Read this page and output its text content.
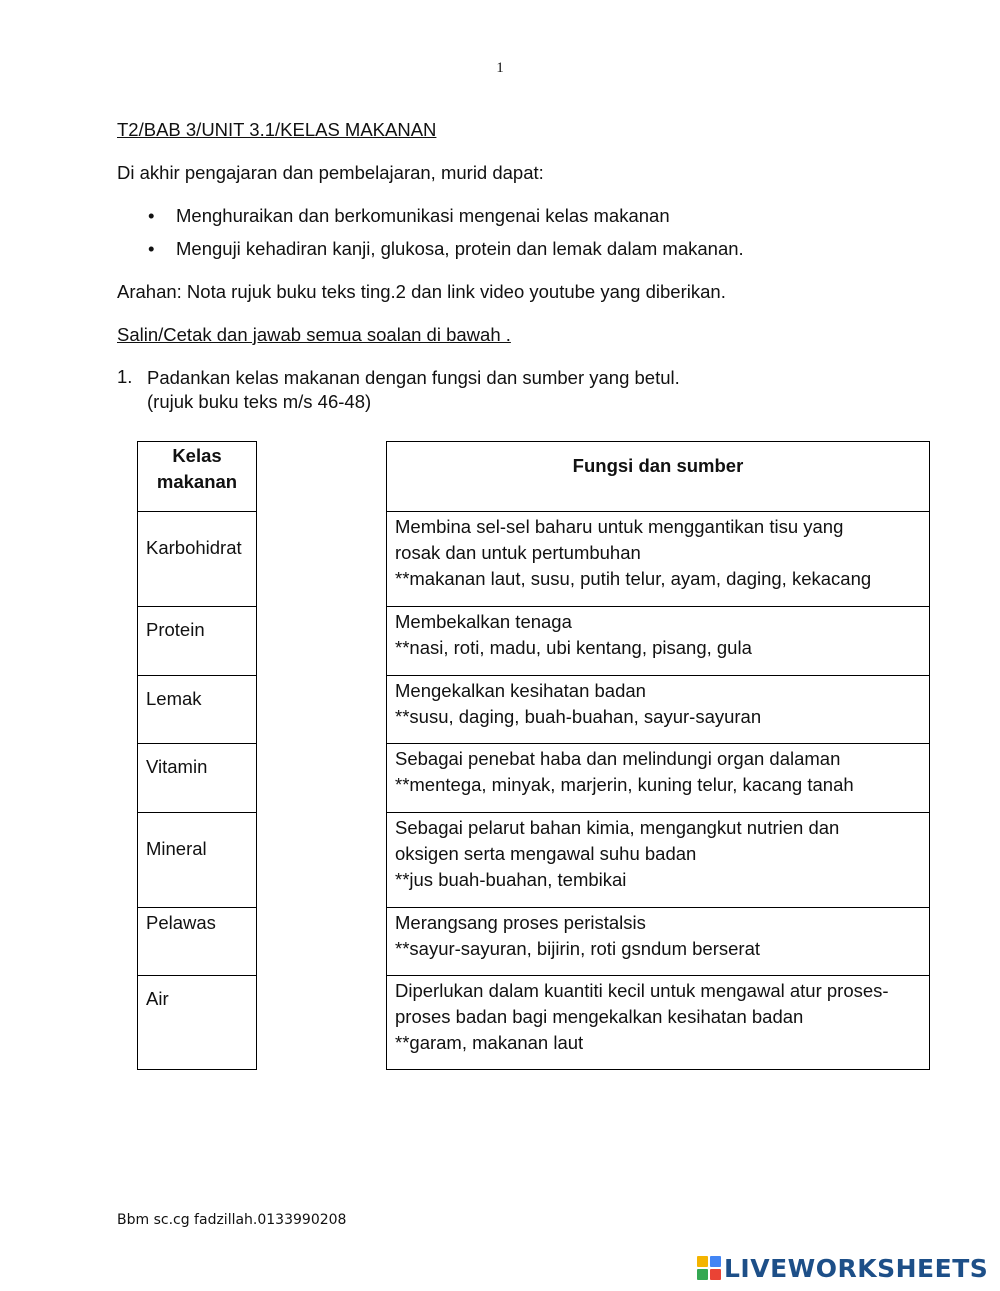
1
T2/BAB 3/UNIT 3.1/KELAS MAKANAN
Di akhir pengajaran dan pembelajaran, murid dapat:
• Menghuraikan dan berkomunikasi mengenai kelas makanan
• Menguji kehadiran kanji, glukosa, protein dan lemak dalam makanan.
Arahan: Nota rujuk buku teks ting.2 dan link video youtube yang diberikan.
Salin/Cetak dan jawab semua soalan di bawah .
1. Padankan kelas makanan dengan fungsi dan sumber yang betul.
(rujuk buku teks m/s 46-48)
Kelas
makanan
Karbohidrat
Protein
Lemak
Vitamin
Mineral
Pelawas
Air
Fungsi dan sumber
Membina sel-sel baharu untuk menggantikan tisu yang
rosak dan untuk pertumbuhan
**makanan laut, susu, putih telur, ayam, daging, kekacang
Membekalkan tenaga
**nasi, roti, madu, ubi kentang, pisang, gula
Mengekalkan kesihatan badan
**susu, daging, buah-buahan, sayur-sayuran
Sebagai penebat haba dan melindungi organ dalaman
**mentega, minyak, marjerin, kuning telur, kacang tanah
Sebagai pelarut bahan kimia, mengangkut nutrien dan
oksigen serta mengawal suhu badan
**jus buah-buahan, tembikai
Merangsang proses peristalsis
**sayur-sayuran, bijirin, roti gsndum berserat
Diperlukan dalam kuantiti kecil untuk mengawal atur proses-
proses badan bagi mengekalkan kesihatan badan
**garam, makanan laut
Bbm sc.cg fadzillah.0133990208
LIVEWORKSHEETS
